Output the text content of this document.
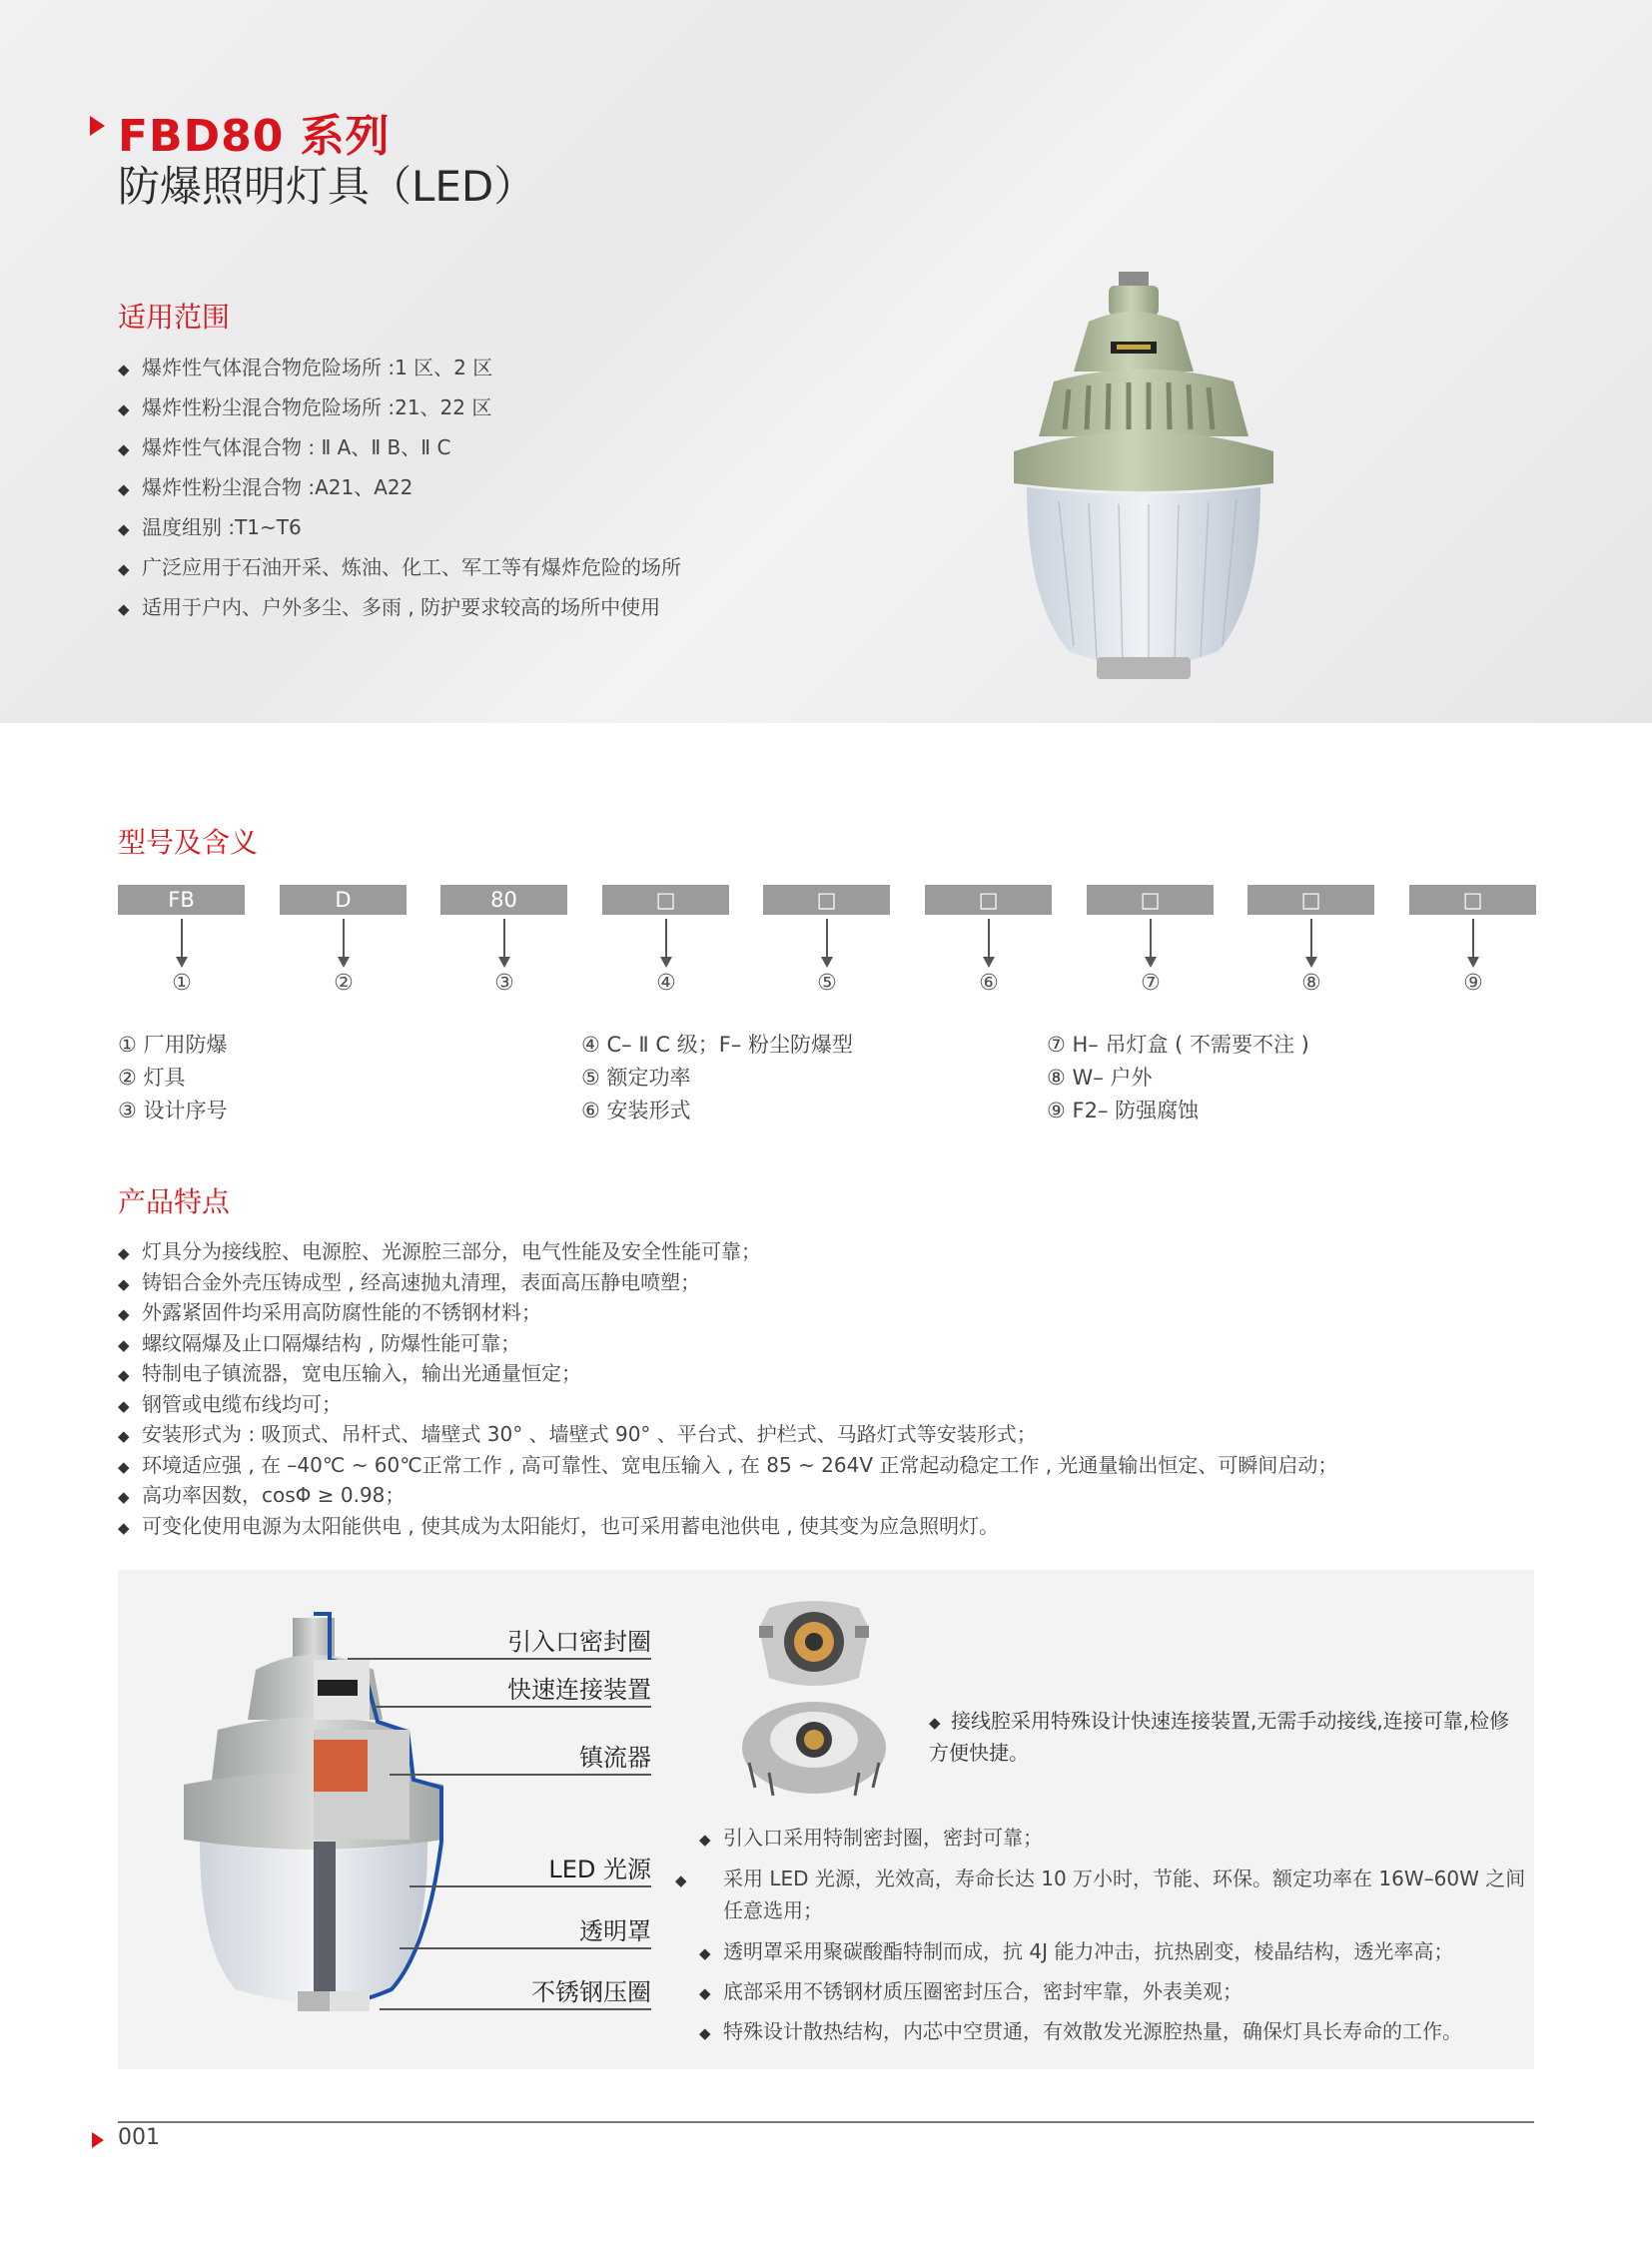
FBD80 系列
防爆照明灯具（LED）
适用范围
◆ 爆炸性气体混合物危险场所 :1 区、2 区
◆ 爆炸性粉尘混合物危险场所 :21、22 区
◆ 爆炸性气体混合物 : Ⅱ A、Ⅱ B、Ⅱ C
◆ 爆炸性粉尘混合物 :A21、A22
◆ 温度组别 :T1~T6
◆ 广泛应用于石油开采、炼油、化工、军工等有爆炸危险的场所
◆ 适用于户内、户外多尘、多雨 , 防护要求较高的场所中使用
型号及含义
FB
①
D
②
80
③
□
④
□
⑤
□
⑥
□
⑦
□
⑧
□
⑨
① 厂用防爆
② 灯具
③ 设计序号
④ C– Ⅱ C 级；F– 粉尘防爆型
⑤ 额定功率
⑥ 安装形式
⑦ H– 吊灯盒 ( 不需要不注 )
⑧ W– 户外
⑨ F2– 防强腐蚀
产品特点
◆ 灯具分为接线腔、电源腔、光源腔三部分，电气性能及安全性能可靠；
◆ 铸铝合金外壳压铸成型 , 经高速抛丸清理，表面高压静电喷塑；
◆ 外露紧固件均采用高防腐性能的不锈钢材料；
◆ 螺纹隔爆及止口隔爆结构 , 防爆性能可靠；
◆ 特制电子镇流器，宽电压输入，输出光通量恒定；
◆ 钢管或电缆布线均可；
◆ 安装形式为 : 吸顶式、吊杆式、墙壁式 30° 、墙壁式 90° 、平台式、护栏式、马路灯式等安装形式；
◆ 环境适应强 , 在 –40℃ ~ 60℃正常工作 , 高可靠性、宽电压输入 , 在 85 ~ 264V 正常起动稳定工作 , 光通量输出恒定、可瞬间启动；
◆ 高功率因数，cosΦ ≥ 0.98；
◆ 可变化使用电源为太阳能供电 , 使其成为太阳能灯，也可采用蓄电池供电 , 使其变为应急照明灯。
引入口密封圈
快速连接装置
镇流器
LED 光源
透明罩
不锈钢压圈
◆ 接线腔采用特殊设计快速连接装置,无需手动接线,连接可靠,检修方便快捷。
◆ 引入口采用特制密封圈，密封可靠；
◆ 采用 LED 光源，光效高，寿命长达 10 万小时，节能、环保。额定功率在 16W–60W 之间任意选用；
◆ 透明罩采用聚碳酸酯特制而成，抗 4J 能力冲击，抗热剧变，棱晶结构，透光率高；
◆ 底部采用不锈钢材质压圈密封压合，密封牢靠，外表美观；
◆ 特殊设计散热结构，内芯中空贯通，有效散发光源腔热量，确保灯具长寿命的工作。
001
